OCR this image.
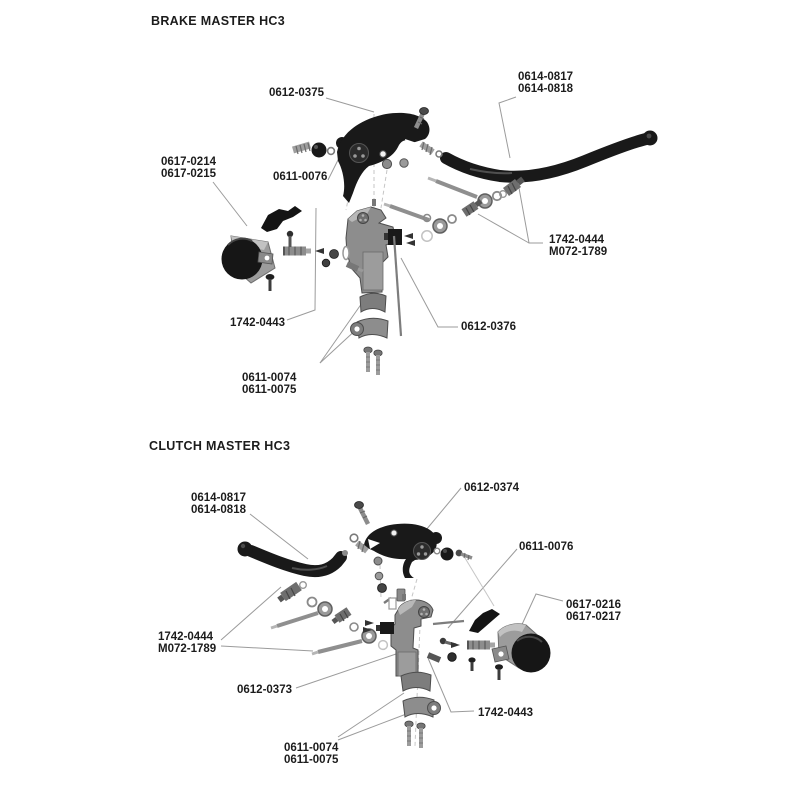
BRAKE MASTER HC3
CLUTCH MASTER HC3
0612-0375
0614-0817
0614-0818
0617-0214
0617-0215	0611-0076
1742-0444
M072-1789
1742-0443	0612-0376
0611-0074
0611-0075
0614-0817
0614-0818
0612-0374
0611-0076
0617-0216
0617-0217
1742-0444
M072-1789
0612-0373
1742-0443
0611-0074
0611-0075
